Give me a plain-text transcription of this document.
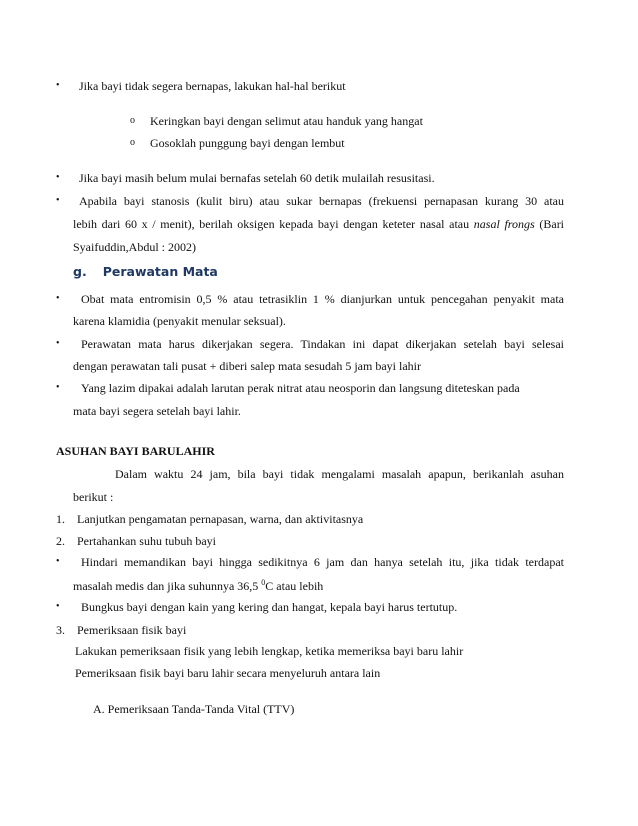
• Jika bayi tidak segera bernapas, lakukan hal-hal berikut
o Keringkan bayi dengan selimut atau handuk yang hangat
o Gosoklah punggung bayi dengan lembut
• Jika bayi masih belum mulai bernafas setelah 60 detik mulailah resusitasi.
• Apabila bayi stanosis (kulit biru) atau sukar bernapas (frekuensi pernapasan kurang 30 atau
lebih dari 60 x / menit), berilah oksigen kepada bayi dengan keteter nasal atau nasal frongs (Bari
Syaifuddin,Abdul : 2002)
g. Perawatan Mata
• Obat mata entromisin 0,5 % atau tetrasiklin 1 % dianjurkan untuk pencegahan penyakit mata
karena klamidia (penyakit menular seksual).
• Perawatan mata harus dikerjakan segera. Tindakan ini dapat dikerjakan setelah bayi selesai
dengan perawatan tali pusat + diberi salep mata sesudah 5 jam bayi lahir
• Yang lazim dipakai adalah larutan perak nitrat atau neosporin dan langsung diteteskan pada
mata bayi segera setelah bayi lahir.
ASUHAN BAYI BARULAHIR
Dalam waktu 24 jam, bila bayi tidak mengalami masalah apapun, berikanlah asuhan
berikut :
1. Lanjutkan pengamatan pernapasan, warna, dan aktivitasnya
2. Pertahankan suhu tubuh bayi
• Hindari memandikan bayi hingga sedikitnya 6 jam dan hanya setelah itu, jika tidak terdapat
masalah medis dan jika suhunnya 36,5 $^0$C atau lebih
• Bungkus bayi dengan kain yang kering dan hangat, kepala bayi harus tertutup.
3. Pemeriksaan fisik bayi
Lakukan pemeriksaan fisik yang lebih lengkap, ketika memeriksa bayi baru lahir
Pemeriksaan fisik bayi baru lahir secara menyeluruh antara lain
A. Pemeriksaan Tanda-Tanda Vital (TTV)
